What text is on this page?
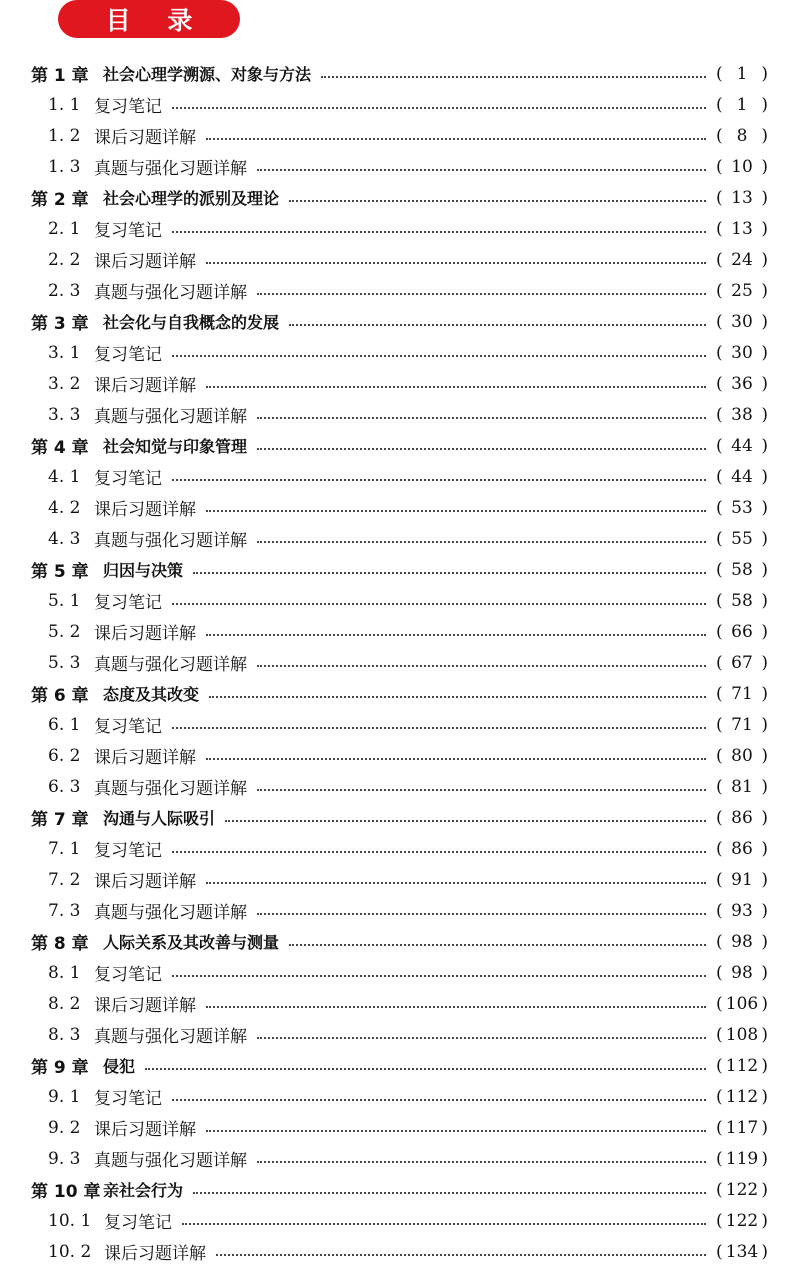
目 录
第 1 章 社会心理学溯源、对象与方法	( 1 )
1. 1 复习笔记	( 1 )
1. 2 课后习题详解	( 8 )
1. 3 真题与强化习题详解	( 10 )
第 2 章 社会心理学的派别及理论	( 13 )
2. 1 复习笔记	( 13 )
2. 2 课后习题详解	( 24 )
2. 3 真题与强化习题详解	( 25 )
第 3 章 社会化与自我概念的发展	( 30 )
3. 1 复习笔记	( 30 )
3. 2 课后习题详解	( 36 )
3. 3 真题与强化习题详解	( 38 )
第 4 章 社会知觉与印象管理	( 44 )
4. 1 复习笔记	( 44 )
4. 2 课后习题详解	( 53 )
4. 3 真题与强化习题详解	( 55 )
第 5 章 归因与决策	( 58 )
5. 1 复习笔记	( 58 )
5. 2 课后习题详解	( 66 )
5. 3 真题与强化习题详解	( 67 )
第 6 章 态度及其改变	( 71 )
6. 1 复习笔记	( 71 )
6. 2 课后习题详解	( 80 )
6. 3 真题与强化习题详解	( 81 )
第 7 章 沟通与人际吸引	( 86 )
7. 1 复习笔记	( 86 )
7. 2 课后习题详解	( 91 )
7. 3 真题与强化习题详解	( 93 )
第 8 章 人际关系及其改善与测量	( 98 )
8. 1 复习笔记	( 98 )
8. 2 课后习题详解	( 106 )
8. 3 真题与强化习题详解	( 108 )
第 9 章 侵犯	( 112 )
9. 1 复习笔记	( 112 )
9. 2 课后习题详解	( 117 )
9. 3 真题与强化习题详解	( 119 )
第 10 章 亲社会行为	( 122 )
10. 1 复习笔记	( 122 )
10. 2 课后习题详解	( 134 )
